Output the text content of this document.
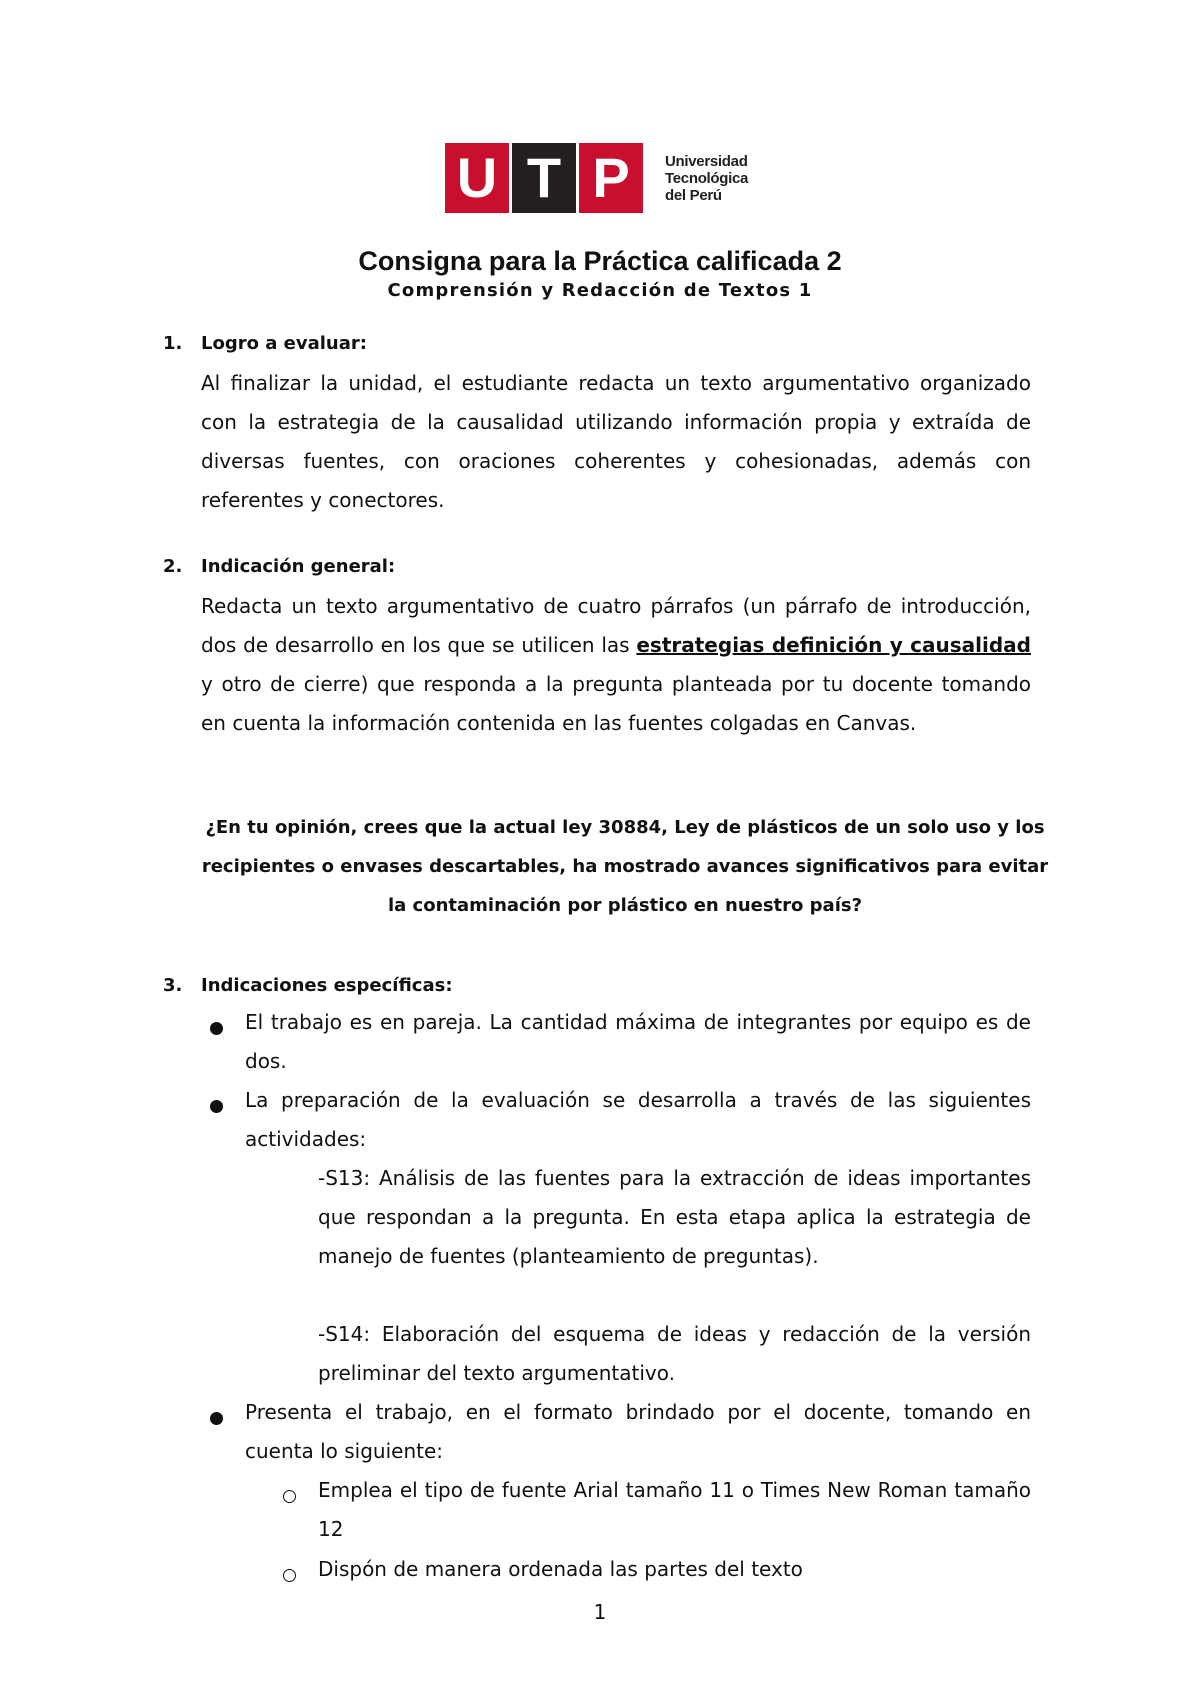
U T P	Universidad
Tecnológica
del Perú
Consigna para la Práctica calificada 2
Comprensión y Redacción de Textos 1
1. Logro a evaluar:
Al finalizar la unidad, el estudiante redacta un texto argumentativo organizado con la estrategia de la causalidad utilizando información propia y extraída de diversas fuentes, con oraciones coherentes y cohesionadas, además con referentes y conectores.
2. Indicación general:
Redacta un texto argumentativo de cuatro párrafos (un párrafo de introducción, dos de desarrollo en los que se utilicen las estrategias definición y causalidad y otro de cierre) que responda a la pregunta planteada por tu docente tomando en cuenta la información contenida en las fuentes colgadas en Canvas.
¿En tu opinión, crees que la actual ley 30884, Ley de plásticos de un solo uso y los recipientes o envases descartables, ha mostrado avances significativos para evitar la contaminación por plástico en nuestro país?
3. Indicaciones específicas:
El trabajo es en pareja. La cantidad máxima de integrantes por equipo es de dos.
La preparación de la evaluación se desarrolla a través de las siguientes actividades:
-S13: Análisis de las fuentes para la extracción de ideas importantes que respondan a la pregunta. En esta etapa aplica la estrategia de manejo de fuentes (planteamiento de preguntas).
-S14: Elaboración del esquema de ideas y redacción de la versión preliminar del texto argumentativo.
Presenta el trabajo, en el formato brindado por el docente, tomando en cuenta lo siguiente:
Emplea el tipo de fuente Arial tamaño 11 o Times New Roman tamaño 12
Dispón de manera ordenada las partes del texto
1
